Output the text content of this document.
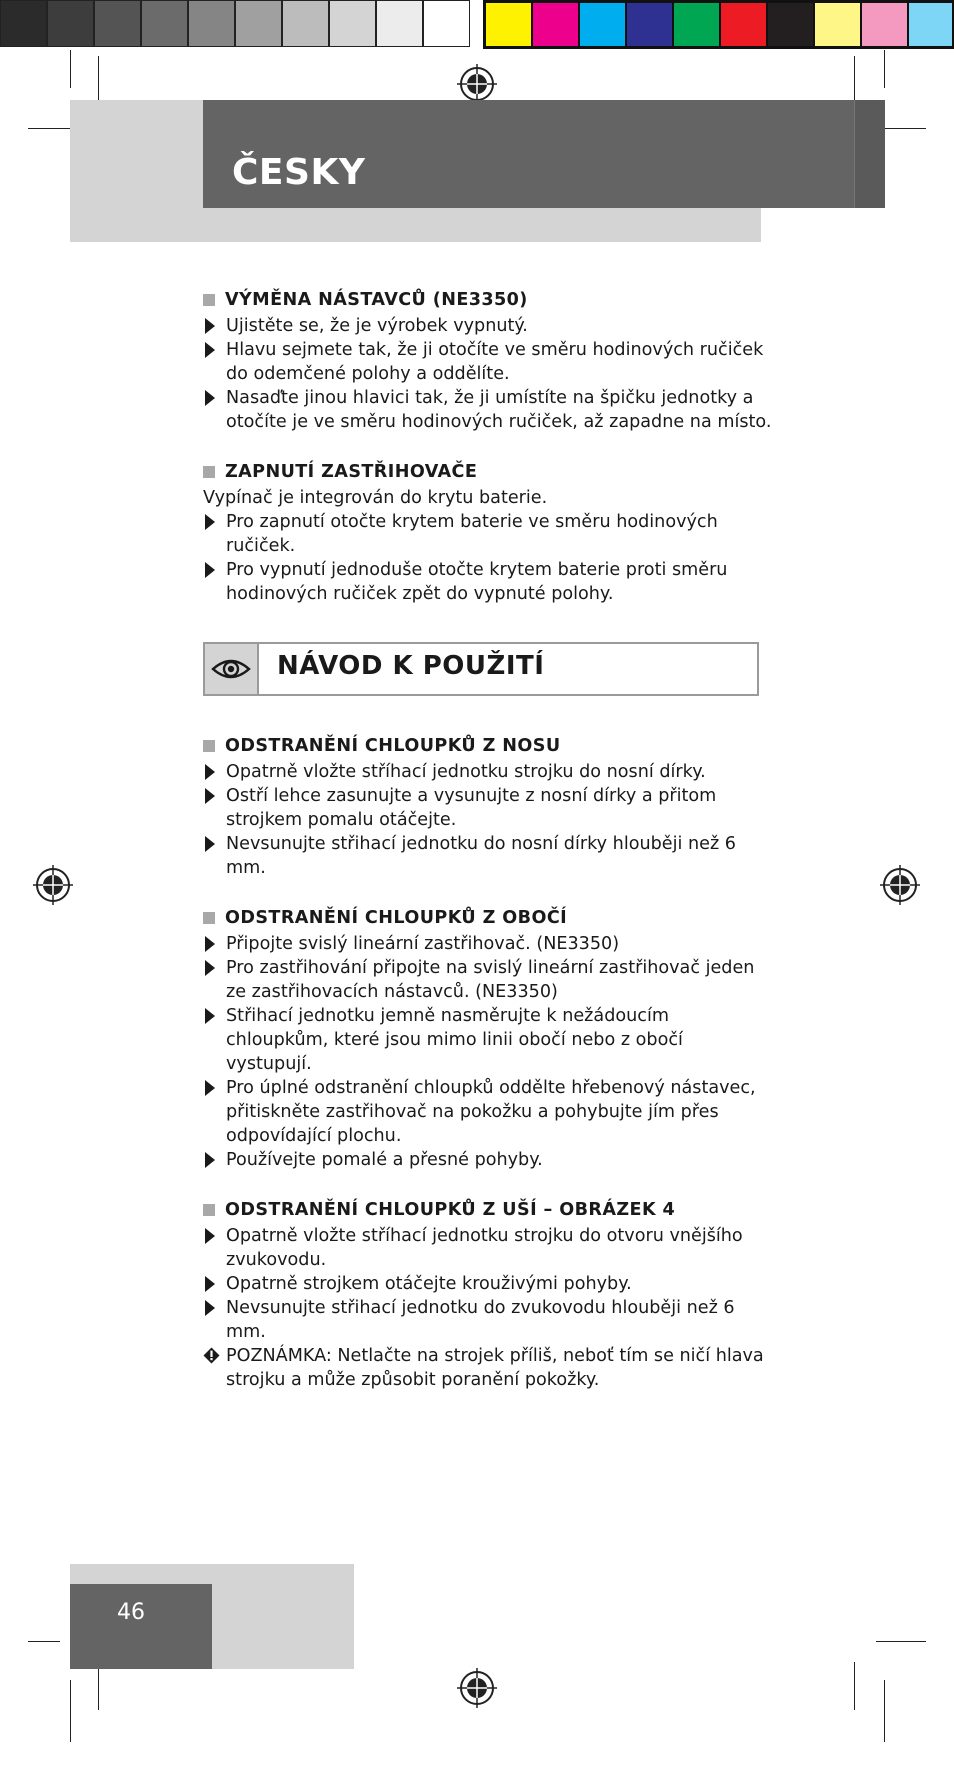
ČESKY
VÝMĚNA NÁSTAVCŮ (NE3350)
Ujistěte se, že je výrobek vypnutý.
Hlavu sejmete tak, že ji otočíte ve směru hodinových ručiček do odemčené polohy a oddělíte.
Nasaďte jinou hlavici tak, že ji umístíte na špičku jednotky a otočíte je ve směru hodinových ručiček, až zapadne na místo.
ZAPNUTÍ ZASTŘIHOVAČE

Vypínač je integrován do krytu baterie.

Pro zapnutí otočte krytem baterie ve směru hodinových ručiček.
Pro vypnutí jednoduše otočte krytem baterie proti směru hodinových ručiček zpět do vypnuté polohy.
NÁVOD K POUŽITÍ
ODSTRANĚNÍ CHLOUPKŮ Z NOSU
Opatrně vložte stříhací jednotku strojku do nosní dírky.
Ostří lehce zasunujte a vysunujte z nosní dírky a přitom strojkem pomalu otáčejte.
Nevsunujte střihací jednotku do nosní dírky hlouběji než 6 mm.
ODSTRANĚNÍ CHLOUPKŮ Z OBOČÍ
Připojte svislý lineární zastřihovač. (NE3350)
Pro zastřihování připojte na svislý lineární zastřihovač jeden ze zastřihovacích nástavců. (NE3350)
Střihací jednotku jemně nasměrujte k nežádoucím chloupkům, které jsou mimo linii obočí nebo z obočí vystupují.
Pro úplné odstranění chloupků oddělte hřebenový nástavec, přitiskněte zastřihovač na pokožku a pohybujte jím přes odpovídající plochu.
Používejte pomalé a přesné pohyby.
ODSTRANĚNÍ CHLOUPKŮ Z UŠÍ – OBRÁZEK 4
Opatrně vložte stříhací jednotku strojku do otvoru vnějšího zvukovodu.
Opatrně strojkem otáčejte krouživými pohyby.
Nevsunujte střihací jednotku do zvukovodu hlouběji než 6 mm.
POZNÁMKA: Netlačte na strojek příliš, neboť tím se ničí hlava strojku a může způsobit poranění pokožky.
46
